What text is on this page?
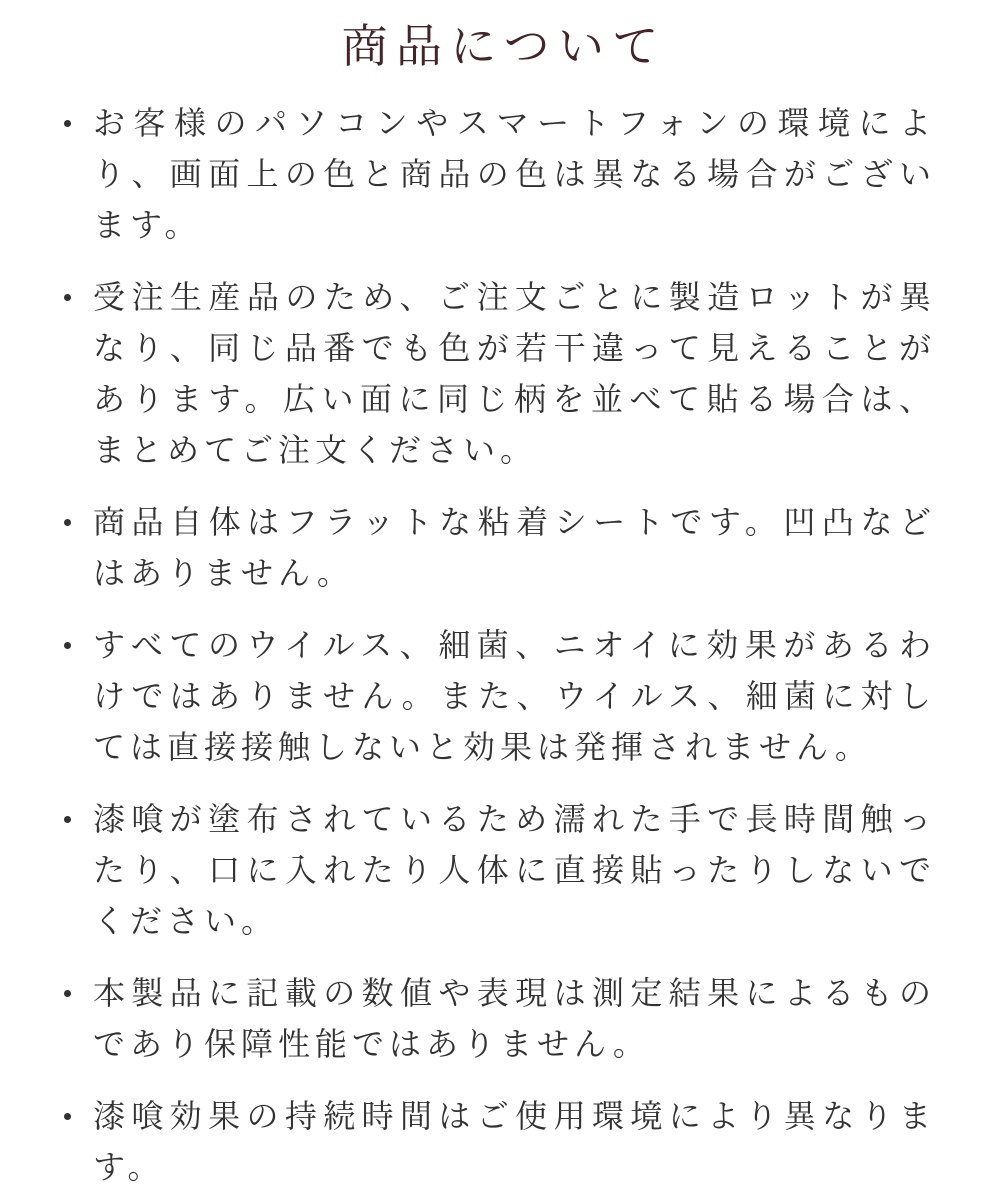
商品について

お客様のパソコンやスマートフォンの環境により、画面上の色と商品の色は異なる場合がございます。

受注生産品のため、ご注文ごとに製造ロットが異なり、同じ品番でも色が若干違って見えることがあります。広い面に同じ柄を並べて貼る場合は、まとめてご注文ください。

商品自体はフラットな粘着シートです。凹凸などはありません。

すべてのウイルス、細菌、ニオイに効果があるわけではありません。また、ウイルス、細菌に対しては直接接触しないと効果は発揮されません。

漆喰が塗布されているため濡れた手で長時間触ったり、口に入れたり人体に直接貼ったりしないでください。

本製品に記載の数値や表現は測定結果によるものであり保障性能ではありません。

漆喰効果の持続時間はご使用環境により異なります。
